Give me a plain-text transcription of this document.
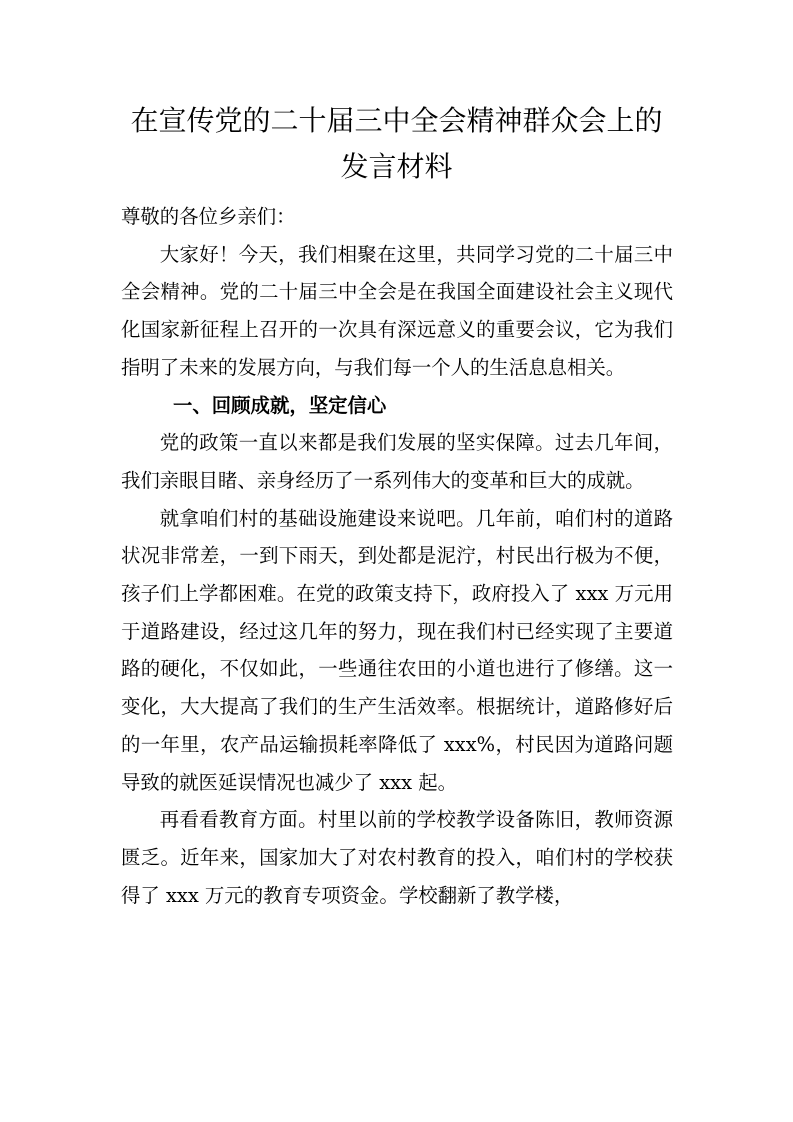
在宣传党的二十届三中全会精神群众会上的发言材料

尊敬的各位乡亲们：

大家好！今天，我们相聚在这里，共同学习党的二十届三中全会精神。党的二十届三中全会是在我国全面建设社会主义现代化国家新征程上召开的一次具有深远意义的重要会议，它为我们指明了未来的发展方向，与我们每一个人的生活息息相关。

一、回顾成就，坚定信心

党的政策一直以来都是我们发展的坚实保障。过去几年间，我们亲眼目睹、亲身经历了一系列伟大的变革和巨大的成就。

就拿咱们村的基础设施建设来说吧。几年前，咱们村的道路状况非常差，一到下雨天，到处都是泥泞，村民出行极为不便，孩子们上学都困难。在党的政策支持下，政府投入了 xxx 万元用于道路建设，经过这几年的努力，现在我们村已经实现了主要道路的硬化，不仅如此，一些通往农田的小道也进行了修缮。这一变化，大大提高了我们的生产生活效率。根据统计，道路修好后的一年里，农产品运输损耗率降低了 xxx%，村民因为道路问题导致的就医延误情况也减少了 xxx 起。

再看看教育方面。村里以前的学校教学设备陈旧，教师资源匮乏。近年来，国家加大了对农村教育的投入，咱们村的学校获得了 xxx 万元的教育专项资金。学校翻新了教学楼，
